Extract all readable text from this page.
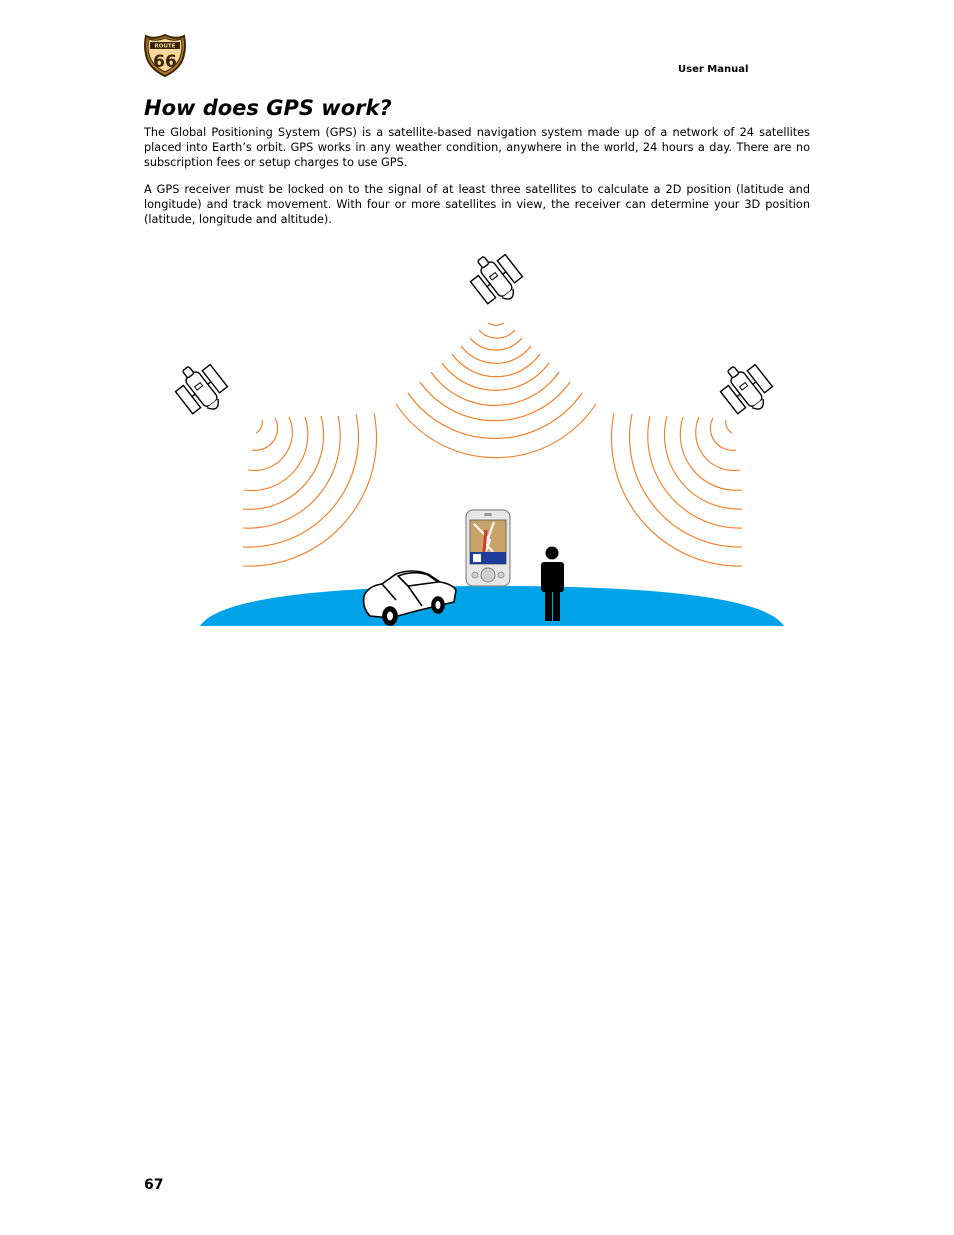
ROUTE
66	User Manual
How does GPS work?

The Global Positioning System (GPS) is a satellite-based navigation system made up of a network of 24 satellites placed into Earth’s orbit. GPS works in any weather condition, anywhere in the world, 24 hours a day. There are no subscription fees or setup charges to use GPS.

A GPS receiver must be locked on to the signal of at least three satellites to calculate a 2D position (latitude and longitude) and track movement. With four or more satellites in view, the receiver can determine your 3D position (latitude, longitude and altitude).

67
